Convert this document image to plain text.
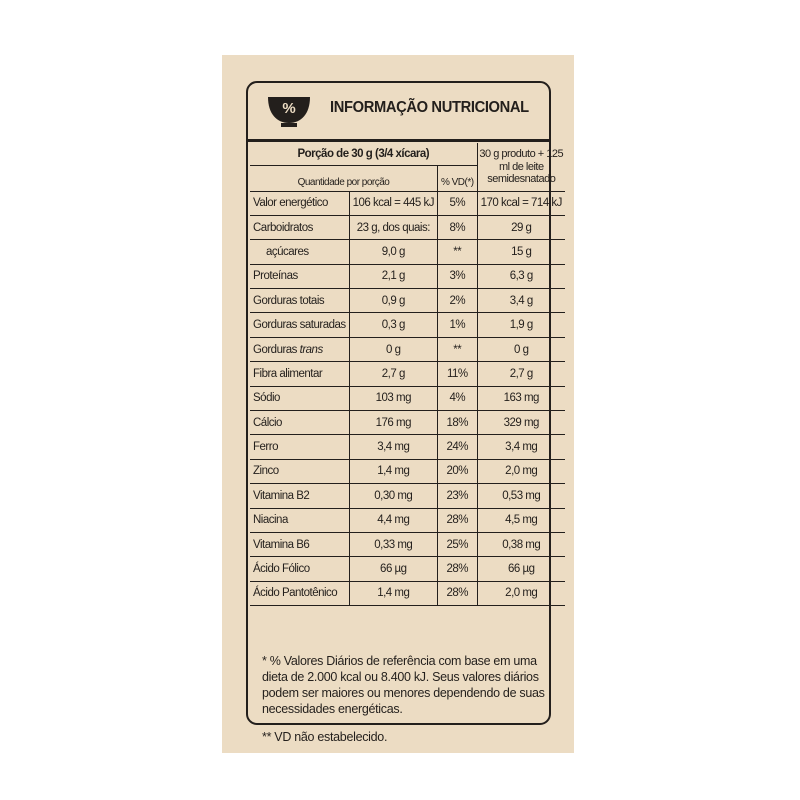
% INFORMAÇÃO NUTRICIONAL
Porção de 30 g (3/4 xícara)			30 g produto + 125 ml de leite semidesnatado
Quantidade por porção		% VD(*)	
Valor energético	106 kcal = 445 kJ	5%	170 kcal = 714 kJ
Carboidratos	23 g, dos quais:	8%	29 g
açúcares	9,0 g	**	15 g
Proteínas	2,1 g	3%	6,3 g
Gorduras totais	0,9 g	2%	3,4 g
Gorduras saturadas	0,3 g	1%	1,9 g
Gorduras trans	0 g	**	0 g
Fibra alimentar	2,7 g	11%	2,7 g
Sódio	103 mg	4%	163 mg
Cálcio	176 mg	18%	329 mg
Ferro	3,4 mg	24%	3,4 mg
Zinco	1,4 mg	20%	2,0 mg
Vitamina B2	0,30 mg	23%	0,53 mg
Niacina	4,4 mg	28%	4,5 mg
Vitamina B6	0,33 mg	25%	0,38 mg
Ácido Fólico	66 µg	28%	66 µg
Ácido Pantotênico	1,4 mg	28%	2,0 mg
* % Valores Diários de referência com base em uma dieta de 2.000 kcal ou 8.400 kJ. Seus valores diários podem ser maiores ou menores dependendo de suas necessidades energéticas.
** VD não estabelecido.
